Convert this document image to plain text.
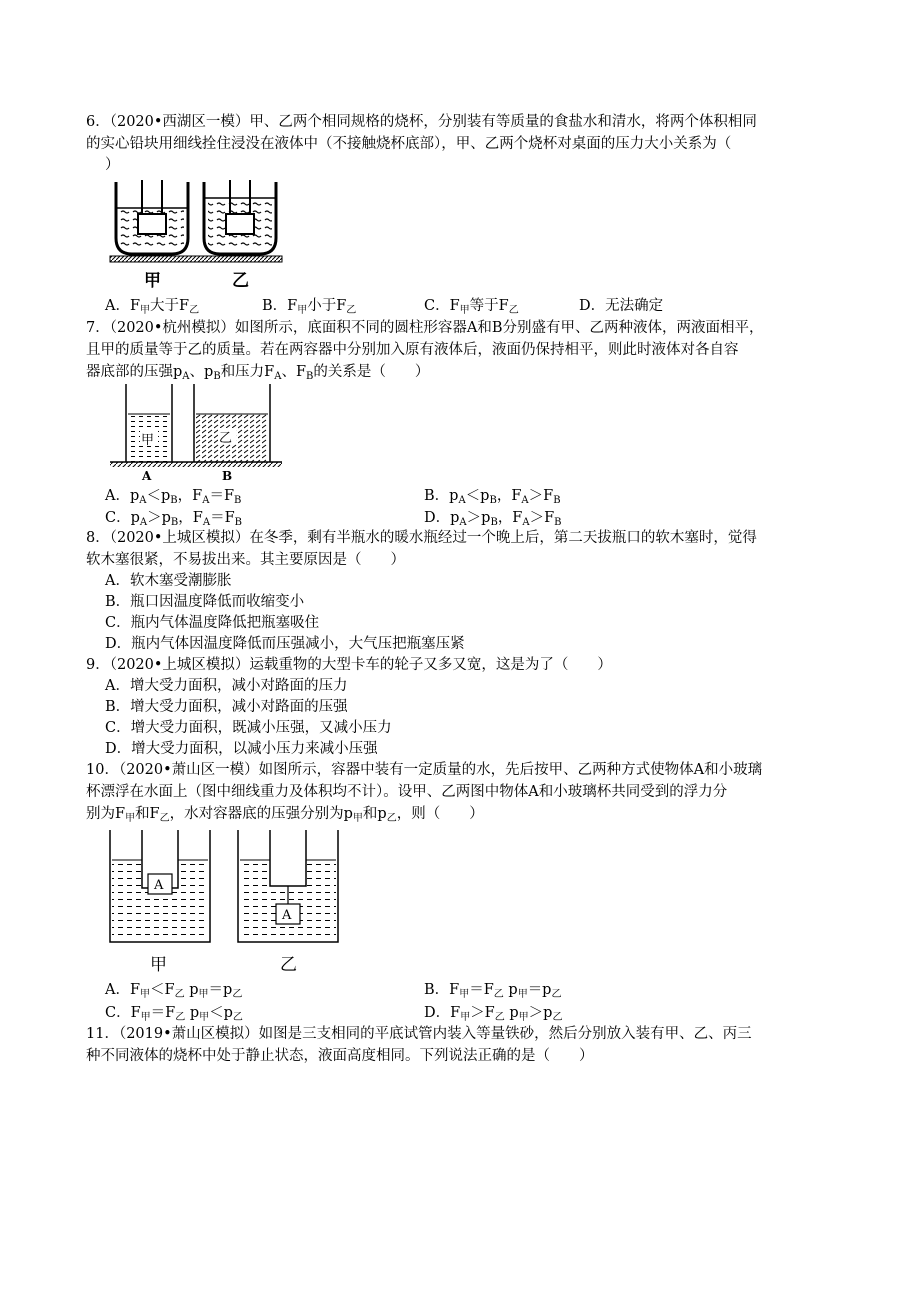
6．（2020•西湖区一模）甲、乙两个相同规格的烧杯，分别装有等质量的食盐水和清水，将两个体积相同
的实心铅块用细线拴住浸没在液体中（不接触烧杯底部），甲、乙两个烧杯对桌面的压力大小关系为（
）
甲	乙
A．$F_甲$大于$F_乙$	B．$F_甲$小于$F_乙$	C．$F_甲$等于$F_乙$	D．无法确定
7．（2020•杭州模拟）如图所示，底面积不同的圆柱形容器A和B分别盛有甲、乙两种液体，两液面相平，
且甲的质量等于乙的质量。若在两容器中分别加入原有液体后，液面仍保持相平，则此时液体对各自容
器底部的压强$p_A$、$p_B$和压力$F_A$、$F_B$的关系是（　　）
甲	乙
A	B
A．$p_A<p_B$，$F_A=F_B$	B．$p_A<p_B$，$F_A>F_B$
C．$p_A>p_B$，$F_A=F_B$	D．$p_A>p_B$，$F_A>F_B$
8．（2020•上城区模拟）在冬季，剩有半瓶水的暖水瓶经过一个晚上后，第二天拔瓶口的软木塞时，觉得
软木塞很紧，不易拔出来。其主要原因是（　　）
A．软木塞受潮膨胀
B．瓶口因温度降低而收缩变小
C．瓶内气体温度降低把瓶塞吸住
D．瓶内气体因温度降低而压强减小，大气压把瓶塞压紧
9．（2020•上城区模拟）运载重物的大型卡车的轮子又多又宽，这是为了（　　）
A．增大受力面积，减小对路面的压力
B．增大受力面积，减小对路面的压强
C．增大受力面积，既减小压强，又减小压力
D．增大受力面积，以减小压力来减小压强
10．（2020•萧山区一模）如图所示，容器中装有一定质量的水，先后按甲、乙两种方式使物体A和小玻璃
杯漂浮在水面上（图中细线重力及体积均不计）。设甲、乙两图中物体A和小玻璃杯共同受到的浮力分
别为$F_甲$和$F_乙$，水对容器底的压强分别为$p_甲$和$p_乙$，则（　　）
A
A
甲	乙
A．$F_甲<F_乙$ $p_甲=p_乙$	B．$F_甲=F_乙$ $p_甲=p_乙$
C．$F_甲=F_乙$ $p_甲<p_乙$	D．$F_甲>F_乙$ $p_甲>p_乙$
11．（2019•萧山区模拟）如图是三支相同的平底试管内装入等量铁砂，然后分别放入装有甲、乙、丙三
种不同液体的烧杯中处于静止状态，液面高度相同。下列说法正确的是（　　）
